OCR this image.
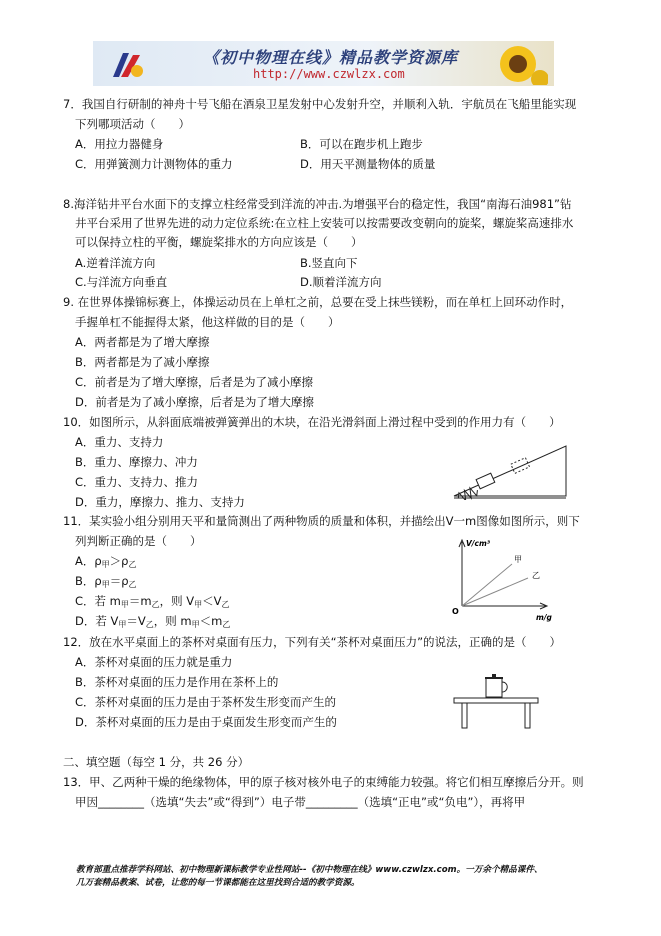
《初中物理在线》精品教学资源库
http://www.czwlzx.com
7．我国自行研制的神舟十号飞船在酒泉卫星发射中心发射升空，并顺利入轨．宇航员在飞船里能实现
下列哪项活动（　　）
A．用拉力器健身	B．可以在跑步机上跑步
C．用弹簧测力计测物体的重力	D．用天平测量物体的质量
8.海洋钻井平台水面下的支撑立柱经常受到洋流的冲击.为增强平台的稳定性，我国“南海石油981”钻
井平台采用了世界先进的动力定位系统:在立柱上安装可以按需要改变朝向的旋桨，螺旋桨高速排水
可以保持立柱的平衡，螺旋桨排水的方向应该是（　　）
A.逆着洋流方向	B.竖直向下
C.与洋流方向垂直	D.顺着洋流方向
9. 在世界体操锦标赛上，体操运动员在上单杠之前，总要在受上抹些镁粉，而在单杠上回环动作时，
手握单杠不能握得太紧，他这样做的目的是（　　）
A．两者都是为了增大摩擦
B．两者都是为了减小摩擦
C．前者是为了增大摩擦，后者是为了减小摩擦
D．前者是为了减小摩擦，后者是为了增大摩擦
10．如图所示，从斜面底端被弹簧弹出的木块，在沿光滑斜面上滑过程中受到的作用力有（　　）
A．重力、支持力
B．重力、摩擦力、冲力
C．重力、支持力、推力
D．重力，摩擦力、推力、支持力
11．某实验小组分别用天平和量筒测出了两种物质的质量和体积，并描绘出V一m图像如图所示，则下
列判断正确的是（　　）
A．$\rho_甲>\rho_乙$
B．$\rho_甲=\rho_乙$
C．若 $m_甲=m_乙$，则 $V_甲<V_乙$
D．若 $V_甲=V_乙$，则 $m_甲<m_乙$
V/cm³
m/g
O
甲
乙
12．放在水平桌面上的茶杯对桌面有压力，下列有关“茶杯对桌面压力”的说法，正确的是（　　）
A．茶杯对桌面的压力就是重力
B．茶杯对桌面的压力是作用在茶杯上的
C．茶杯对桌面的压力是由于茶杯发生形变而产生的
D．茶杯对桌面的压力是由于桌面发生形变而产生的
二、填空题（每空 1 分，共 26 分）
13．甲、乙两种干燥的绝缘物体，甲的原子核对核外电子的束缚能力较强。将它们相互摩擦后分开。则
甲因________（选填“失去”或“得到”）电子带_________（选填“正电”或“负电”），再将甲
教育部重点推荐学科网站、初中物理新课标教学专业性网站--《初中物理在线》www.czwlzx.com。一万余个精品课件、
几万套精品教案、试卷，让您的每一节课都能在这里找到合适的教学资源。
